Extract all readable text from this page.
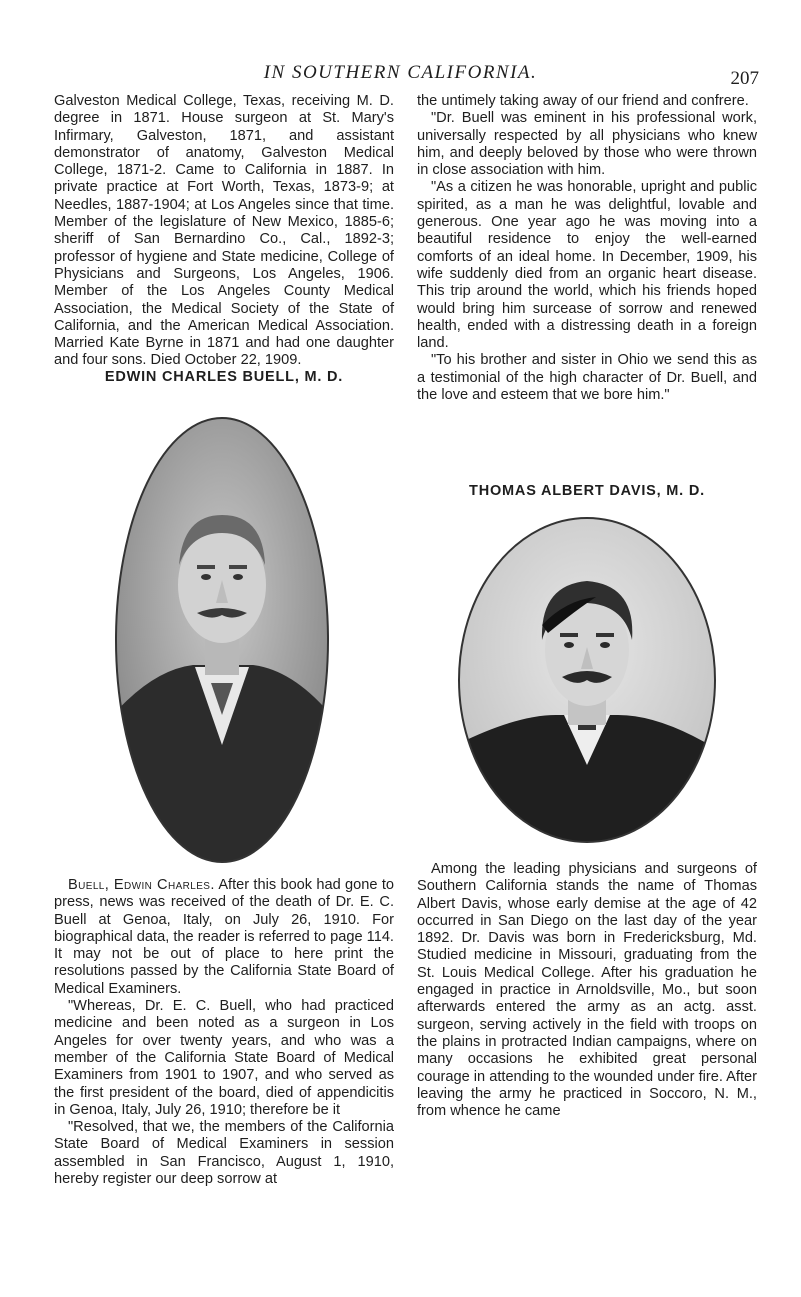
IN SOUTHERN CALIFORNIA.	207

Galveston Medical College, Texas, receiving M. D. degree in 1871. House surgeon at St. Mary's Infirmary, Galveston, 1871, and assistant demonstrator of anatomy, Galveston Medical College, 1871-2. Came to California in 1887. In private practice at Fort Worth, Texas, 1873-9; at Needles, 1887-1904; at Los Angeles since that time. Member of the legislature of New Mexico, 1885-6; sheriff of San Bernardino Co., Cal., 1892-3; professor of hygiene and State medicine, College of Physicians and Surgeons, Los Angeles, 1906. Member of the Los Angeles County Medical Association, the Medical Society of the State of California, and the American Medical Association. Married Kate Byrne in 1871 and had one daughter and four sons. Died October 22, 1909.

EDWIN CHARLES BUELL, M. D.

Buell, Edwin Charles. After this book had gone to press, news was received of the death of Dr. E. C. Buell at Genoa, Italy, on July 26, 1910. For biographical data, the reader is referred to page 114. It may not be out of place to here print the resolutions passed by the California State Board of Medical Examiners.

"Whereas, Dr. E. C. Buell, who had practiced medicine and been noted as a surgeon in Los Angeles for over twenty years, and who was a member of the California State Board of Medical Examiners from 1901 to 1907, and who served as the first president of the board, died of appendicitis in Genoa, Italy, July 26, 1910; therefore be it

"Resolved, that we, the members of the California State Board of Medical Examiners in session assembled in San Francisco, August 1, 1910, hereby register our deep sorrow at

the untimely taking away of our friend and confrere.

"Dr. Buell was eminent in his professional work, universally respected by all physicians who knew him, and deeply beloved by those who were thrown in close association with him.

"As a citizen he was honorable, upright and public spirited, as a man he was delightful, lovable and generous. One year ago he was moving into a beautiful residence to enjoy the well-earned comforts of an ideal home. In December, 1909, his wife suddenly died from an organic heart disease. This trip around the world, which his friends hoped would bring him surcease of sorrow and renewed health, ended with a distressing death in a foreign land.

"To his brother and sister in Ohio we send this as a testimonial of the high character of Dr. Buell, and the love and esteem that we bore him."

THOMAS ALBERT DAVIS, M. D.

Among the leading physicians and surgeons of Southern California stands the name of Thomas Albert Davis, whose early demise at the age of 42 occurred in San Diego on the last day of the year 1892. Dr. Davis was born in Fredericksburg, Md. Studied medicine in Missouri, graduating from the St. Louis Medical College. After his graduation he engaged in practice in Arnoldsville, Mo., but soon afterwards entered the army as an actg. asst. surgeon, serving actively in the field with troops on the plains in protracted Indian campaigns, where on many occasions he exhibited great personal courage in attending to the wounded under fire. After leaving the army he practiced in Soccoro, N. M., from whence he came
